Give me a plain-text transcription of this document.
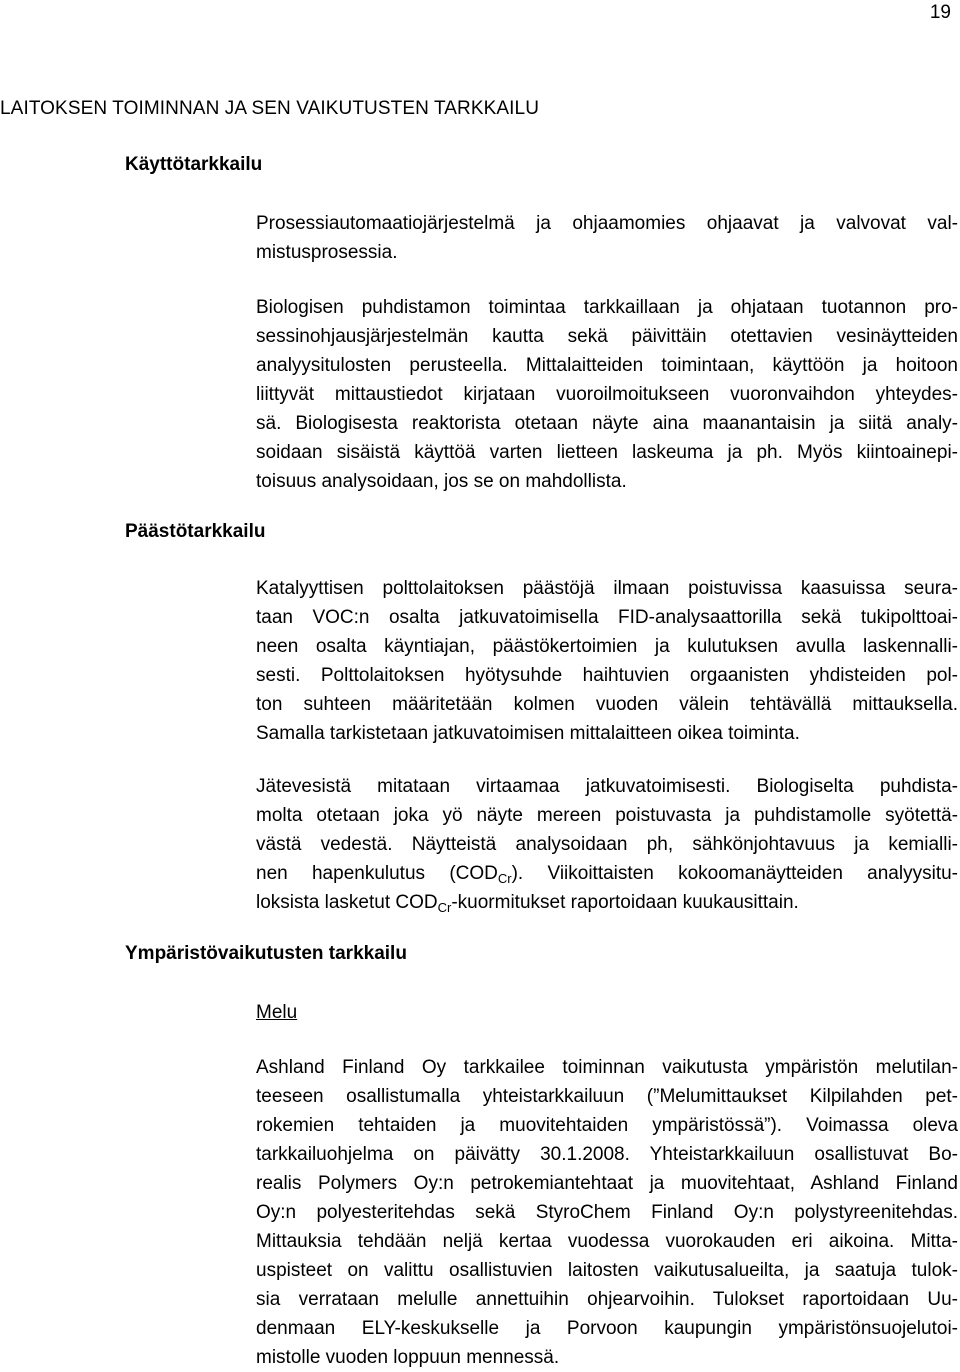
19
LAITOKSEN TOIMINNAN JA SEN VAIKUTUSTEN TARKKAILU
Käyttötarkkailu
Prosessiautomaatiojärjestelmä ja ohjaamomies ohjaavat ja valvovat val-
mistusprosessia.
Biologisen puhdistamon toimintaa tarkkaillaan ja ohjataan tuotannon pro-
sessinohjausjärjestelmän kautta sekä päivittäin otettavien vesinäytteiden
analyysitulosten perusteella. Mittalaitteiden toimintaan, käyttöön ja hoitoon
liittyvät mittaustiedot kirjataan vuoroilmoitukseen vuoronvaihdon yhteydes-
sä. Biologisesta reaktorista otetaan näyte aina maanantaisin ja siitä analy-
soidaan sisäistä käyttöä varten lietteen laskeuma ja ph. Myös kiintoainepi-
toisuus analysoidaan, jos se on mahdollista.
Päästötarkkailu
Katalyyttisen polttolaitoksen päästöjä ilmaan poistuvissa kaasuissa seura-
taan VOC:n osalta jatkuvatoimisella FID-analysaattorilla sekä tukipolttoai-
neen osalta käyntiajan, päästökertoimien ja kulutuksen avulla laskennalli-
sesti. Polttolaitoksen hyötysuhde haihtuvien orgaanisten yhdisteiden pol-
ton suhteen määritetään kolmen vuoden välein tehtävällä mittauksella.
Samalla tarkistetaan jatkuvatoimisen mittalaitteen oikea toiminta.
Jätevesistä mitataan virtaamaa jatkuvatoimisesti. Biologiselta puhdista-
molta otetaan joka yö näyte mereen poistuvasta ja puhdistamolle syötettä-
västä vedestä. Näytteistä analysoidaan ph, sähkönjohtavuus ja kemialli-
nen hapenkulutus $(COD_{Cr})$. Viikoittaisten kokoomanäytteiden analyysitu-
loksista lasketut $COD_{Cr}$-kuormitukset raportoidaan kuukausittain.
Ympäristövaikutusten tarkkailu
Melu
Ashland Finland Oy tarkkailee toiminnan vaikutusta ympäristön melutilan-
teeseen osallistumalla yhteistarkkailuun (”Melumittaukset Kilpilahden pet-
rokemien tehtaiden ja muovitehtaiden ympäristössä”). Voimassa oleva
tarkkailuohjelma on päivätty 30.1.2008. Yhteistarkkailuun osallistuvat Bo-
realis Polymers Oy:n petrokemiantehtaat ja muovitehtaat, Ashland Finland
Oy:n polyesteritehdas sekä StyroChem Finland Oy:n polystyreenitehdas.
Mittauksia tehdään neljä kertaa vuodessa vuorokauden eri aikoina. Mitta-
uspisteet on valittu osallistuvien laitosten vaikutusalueilta, ja saatuja tulok-
sia verrataan melulle annettuihin ohjearvoihin. Tulokset raportoidaan Uu-
denmaan ELY-keskukselle ja Porvoon kaupungin ympäristönsuojelutoi-
mistolle vuoden loppuun mennessä.
